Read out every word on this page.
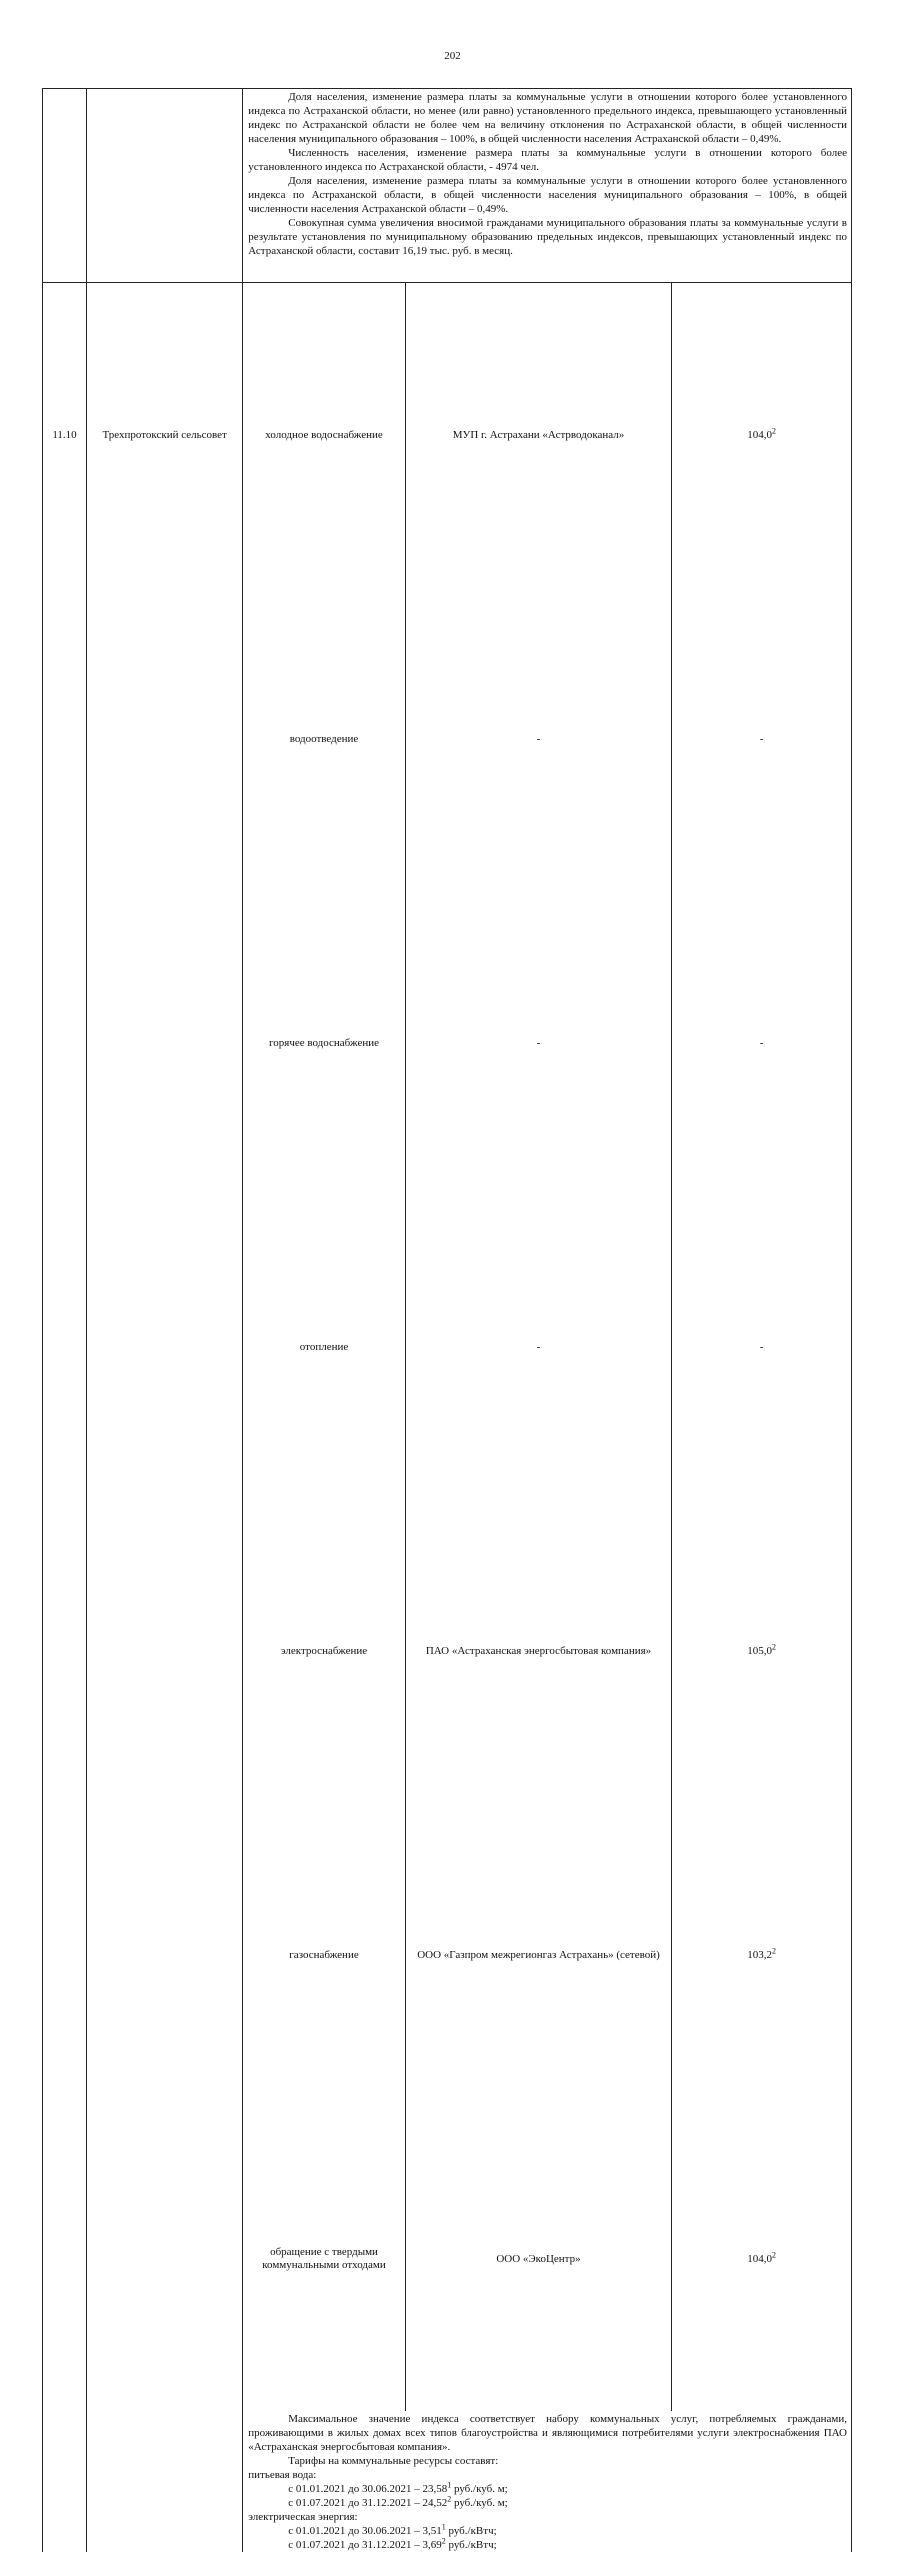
202

Доля населения, изменение размера платы за коммунальные услуги в отношении которого более установленного индекса по Астраханской области, но менее (или равно) установленного предельного индекса, превышающего установленный индекс по Астраханской области не более чем на величину отклонения по Астраханской области, в общей численности населения муниципального образования – 100%, в общей численности населения Астраханской области – 0,49%.

Численность населения, изменение размера платы за коммунальные услуги в отношении которого более установленного индекса по Астраханской области, - 4974 чел.

Доля населения, изменение размера платы за коммунальные услуги в отношении которого более установленного индекса по Астраханской области, в общей численности населения муниципального образования – 100%, в общей численности населения Астраханской области – 0,49%.

Совокупная сумма увеличения вносимой гражданами муниципального образования платы за коммунальные услуги в результате установления по муниципальному образованию предельных индексов, превышающих установленный индекс по Астраханской области, составит 16,19 тыс. руб. в месяц.

11.10	Трехпротокский сельсовет		холодное водоснабжение	МУП г. Астрахани «Астрводоканал»	104,0$^2$
водоотведение	-	-
горячее водоснабжение	-	-
отопление	-	-
электроснабжение	ПАО «Астраханская энергосбытовая компания»	105,0$^2$
газоснабжение	ООО «Газпром межрегионгаз Астрахань» (сетевой)	103,2$^2$
обращение с твердыми коммунальными отходами	ООО «ЭкоЦентр»	104,0$^2$

Максимальное значение индекса соответствует набору коммунальных услуг, потребляемых гражданами, проживающими в жилых домах всех типов благоустройства и являющимися потребителями услуги электроснабжения ПАО «Астраханская энергосбытовая компания».

Тарифы на коммунальные ресурсы составят:

питьевая вода:

с 01.01.2021 до 30.06.2021 – 23,58$^1$ руб./куб. м;

с 01.07.2021 до 31.12.2021 – 24,52$^2$ руб./куб. м;

электрическая энергия:

с 01.01.2021 до 30.06.2021 – 3,51$^1$ руб./кВтч;

с 01.07.2021 до 31.12.2021 – 3,69$^2$ руб./кВтч;
